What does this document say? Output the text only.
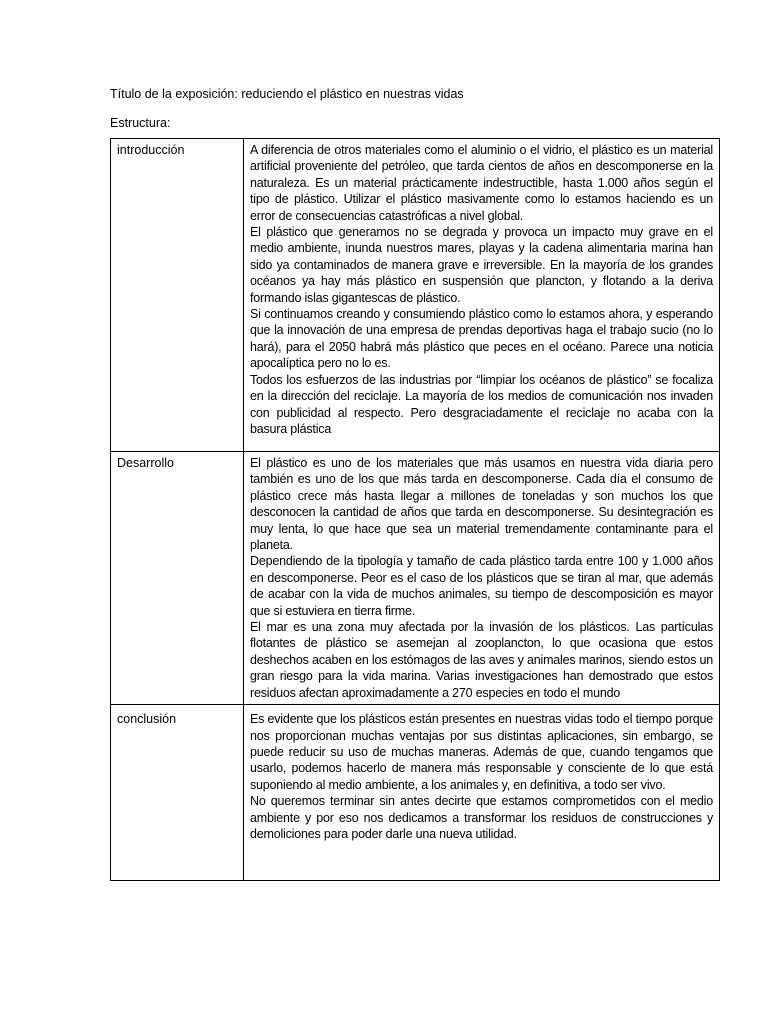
Título de la exposición: reduciendo el plástico en nuestras vidas
Estructura:
introducción	A diferencia de otros materiales como el aluminio o el vidrio, el plástico es un material artificial proveniente del petróleo, que tarda cientos de años en descomponerse en la naturaleza. Es un material prácticamente indestructible, hasta 1.000 años según el tipo de plástico. Utilizar el plástico masivamente como lo estamos haciendo es un error de consecuencias catastróficas a nivel global.

El plástico que generamos no se degrada y provoca un impacto muy grave en el medio ambiente, inunda nuestros mares, playas y la cadena alimentaria marina han sido ya contaminados de manera grave e irreversible. En la mayoría de los grandes océanos ya hay más plástico en suspensión que plancton, y flotando a la deriva formando islas gigantescas de plástico.

Si continuamos creando y consumiendo plástico como lo estamos ahora, y esperando que la innovación de una empresa de prendas deportivas haga el trabajo sucio (no lo hará), para el 2050 habrá más plástico que peces en el océano. Parece una noticia apocalíptica pero no lo es.

Todos los esfuerzos de las industrias por “limpiar los océanos de plástico” se focaliza en la dirección del reciclaje. La mayoría de los medios de comunicación nos invaden con publicidad al respecto. Pero desgraciadamente el reciclaje no acaba con la basura plástica

Desarrollo	El plástico es uno de los materiales que más usamos en nuestra vida diaria pero también es uno de los que más tarda en descomponerse. Cada día el consumo de plástico crece más hasta llegar a millones de toneladas y son muchos los que desconocen la cantidad de años que tarda en descomponerse. Su desintegración es muy lenta, lo que hace que sea un material tremendamente contaminante para el planeta.

Dependiendo de la tipología y tamaño de cada plástico tarda entre 100 y 1.000 años en descomponerse. Peor es el caso de los plásticos que se tiran al mar, que además de acabar con la vida de muchos animales, su tiempo de descomposición es mayor que si estuviera en tierra firme.

El mar es una zona muy afectada por la invasión de los plásticos. Las partículas flotantes de plástico se asemejan al zooplancton, lo que ocasiona que estos deshechos acaben en los estómagos de las aves y animales marinos, siendo estos un gran riesgo para la vida marina. Varias investigaciones han demostrado que estos residuos afectan aproximadamente a 270 especies en todo el mundo

conclusión	Es evidente que los plásticos están presentes en nuestras vidas todo el tiempo porque nos proporcionan muchas ventajas por sus distintas aplicaciones, sin embargo, se puede reducir su uso de muchas maneras. Además de que, cuando tengamos que usarlo, podemos hacerlo de manera más responsable y consciente de lo que está suponiendo al medio ambiente, a los animales y, en definitiva, a todo ser vivo.

No queremos terminar sin antes decirte que estamos comprometidos con el medio ambiente y por eso nos dedicamos a transformar los residuos de construcciones y demoliciones para poder darle una nueva utilidad.
